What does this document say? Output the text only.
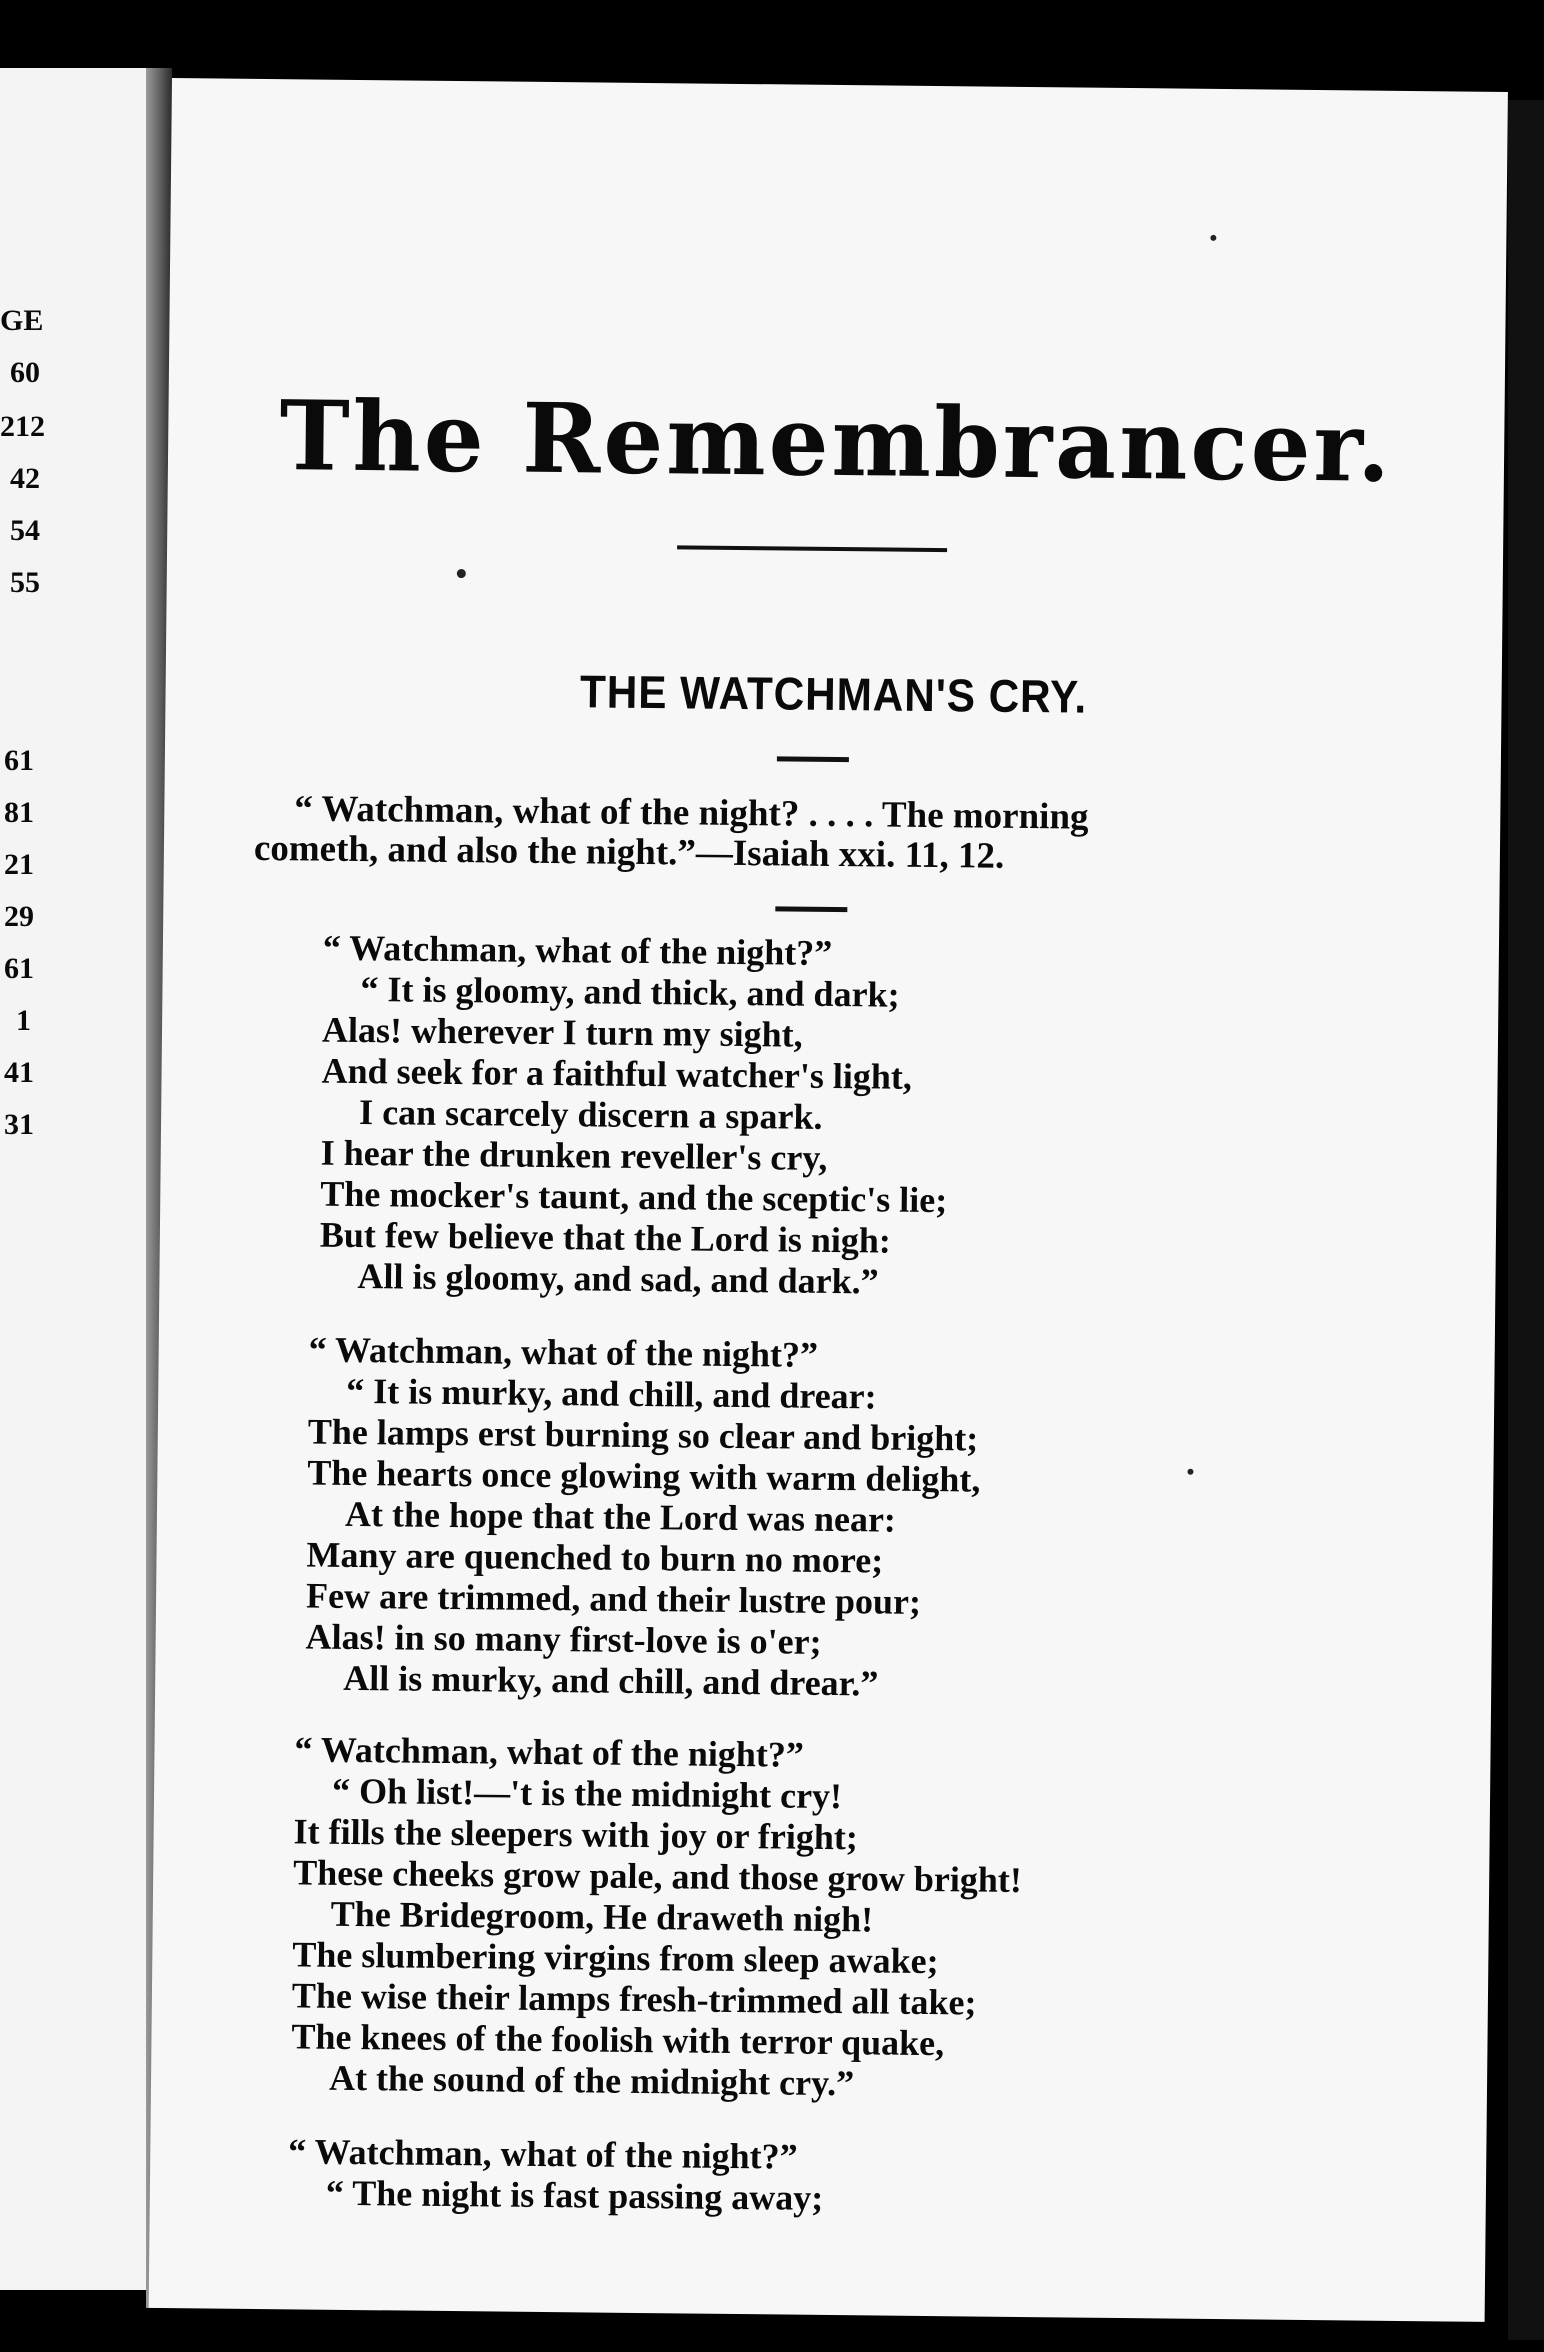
GE
60
212
42
54
55
61
81
21
29
61
1
41
31
The Remembrancer.
THE WATCHMAN'S CRY.
“ Watchman, what of the night? . . . . The morning
cometh, and also the night.”—Isaiah xxi. 11, 12.
“ Watchman, what of the night?”
“ It is gloomy, and thick, and dark;
Alas! wherever I turn my sight,
And seek for a faithful watcher's light,
I can scarcely discern a spark.
I hear the drunken reveller's cry,
The mocker's taunt, and the sceptic's lie;
But few believe that the Lord is nigh:
All is gloomy, and sad, and dark.”
“ Watchman, what of the night?”
“ It is murky, and chill, and drear:
The lamps erst burning so clear and bright;
The hearts once glowing with warm delight,
At the hope that the Lord was near:
Many are quenched to burn no more;
Few are trimmed, and their lustre pour;
Alas! in so many first-love is o'er;
All is murky, and chill, and drear.”
“ Watchman, what of the night?”
“ Oh list!—'t is the midnight cry!
It fills the sleepers with joy or fright;
These cheeks grow pale, and those grow bright!
The Bridegroom, He draweth nigh!
The slumbering virgins from sleep awake;
The wise their lamps fresh-trimmed all take;
The knees of the foolish with terror quake,
At the sound of the midnight cry.”
“ Watchman, what of the night?”
“ The night is fast passing away;
